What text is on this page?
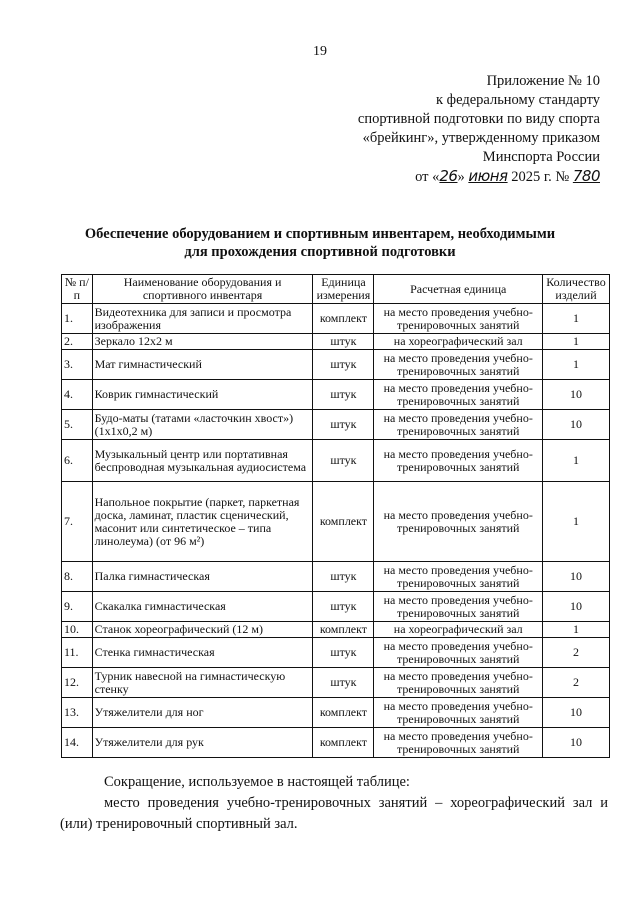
19
Приложение № 10
к федеральному стандарту
спортивной подготовки по виду спорта
«брейкинг», утвержденному приказом
Минспорта России
от «26» июня 2025 г. № 780
Обеспечение оборудованием и спортивным инвентарем, необходимыми
для прохождения спортивной подготовки
№ п/п	Наименование оборудования и спортивного инвентаря	Единица измерения	Расчетная единица	Количество изделий
1.	Видеотехника для записи и просмотра изображения	комплект	на место проведения учебно-тренировочных занятий	1
2.	Зеркало 12х2 м	штук	на хореографический зал	1
3.	Мат гимнастический	штук	на место проведения учебно-тренировочных занятий	1
4.	Коврик гимнастический	штук	на место проведения учебно-тренировочных занятий	10
5.	Будо-маты (татами «ласточкин хвост») (1х1х0,2 м)	штук	на место проведения учебно-тренировочных занятий	10
6.	Музыкальный центр или портативная беспроводная музыкальная аудиосистема	штук	на место проведения учебно-тренировочных занятий	1
7.	Напольное покрытие (паркет, паркетная доска, ламинат, пластик сценический, масонит или синтетическое – типа линолеума) (от 96 м²)	комплект	на место проведения учебно-тренировочных занятий	1
8.	Палка гимнастическая	штук	на место проведения учебно-тренировочных занятий	10
9.	Скакалка гимнастическая	штук	на место проведения учебно-тренировочных занятий	10
10.	Станок хореографический (12 м)	комплект	на хореографический зал	1
11.	Стенка гимнастическая	штук	на место проведения учебно-тренировочных занятий	2
12.	Турник навесной на гимнастическую стенку	штук	на место проведения учебно-тренировочных занятий	2
13.	Утяжелители для ног	комплект	на место проведения учебно-тренировочных занятий	10
14.	Утяжелители для рук	комплект	на место проведения учебно-тренировочных занятий	10
Сокращение, используемое в настоящей таблице:
место проведения учебно-тренировочных занятий – хореографический зал и (или) тренировочный спортивный зал.
